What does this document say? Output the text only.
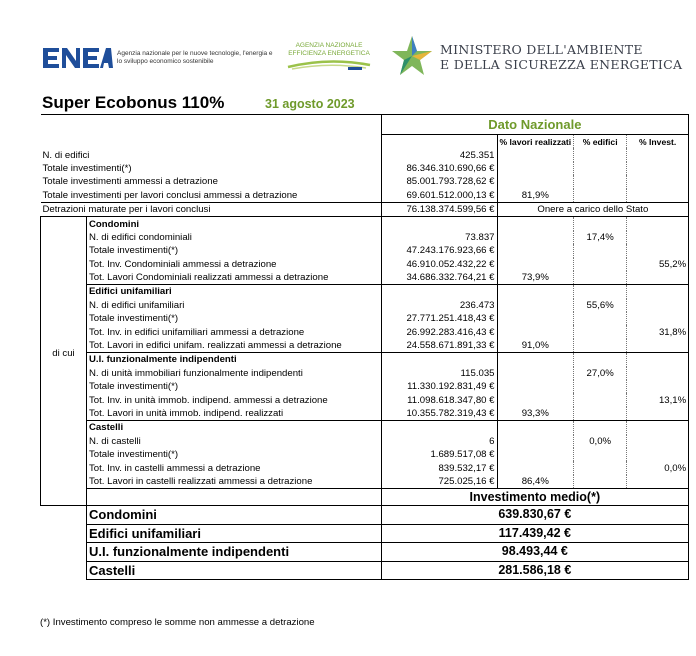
Agenzia nazionale per le nuove tecnologie, l'energia e lo sviluppo economico sostenibile
AGENZIA NAZIONALE
EFFICIENZA ENERGETICA	MINISTERO DELL'AMBIENTE
E DELLA SICUREZZA ENERGETICA
Super Ecobonus 110%	31 agosto 2023
		Dato Nazionale			
			% lavori realizzati	% edifici	% Invest.
N. di edifici		425.351			
Totale investimenti(*)		86.346.310.690,66 €			
Totale investimenti ammessi a detrazione		85.001.793.728,62 €			
Totale investimenti per lavori conclusi ammessi a detrazione		69.601.512.000,13 €	81,9%		
Detrazioni maturate per i lavori conclusi		76.138.374.599,56 €	Onere a carico dello Stato		
di cui	Condomini				
	N. di edifici condominiali	73.837		17,4%	
	Totale investimenti(*)	47.243.176.923,66 €			
	Tot. Inv. Condominiali ammessi a detrazione	46.910.052.432,22 €			55,2%
	Tot. Lavori Condominiali realizzati ammessi a detrazione	34.686.332.764,21 €	73,9%		
	Edifici unifamiliari				
	N. di edifici unifamiliari	236.473		55,6%	
	Totale investimenti(*)	27.771.251.418,43 €			
	Tot. Inv. in edifici unifamiliari ammessi a detrazione	26.992.283.416,43 €			31,8%
	Tot. Lavori in edifici unifam. realizzati ammessi a detrazione	24.558.671.891,33 €	91,0%		
	U.I. funzionalmente indipendenti				
	N. di unità immobiliari funzionalmente indipendenti	115.035		27,0%	
	Totale investimenti(*)	11.330.192.831,49 €			
	Tot. Inv. in unità immob. indipend. ammessi a detrazione	11.098.618.347,80 €			13,1%
	Tot. Lavori in unità immob. indipend. realizzati	10.355.782.319,43 €	93,3%		
	Castelli				
	N. di castelli	6		0,0%	
	Totale investimenti(*)	1.689.517,08 €			
	Tot. Inv. in castelli ammessi a detrazione	839.532,17 €			0,0%
	Tot. Lavori in castelli realizzati ammessi a detrazione	725.025,16 €	86,4%		
		Investimento medio(*)			
	Condomini	639.830,67 €			
	Edifici unifamiliari	117.439,42 €			
	U.I. funzionalmente indipendenti	98.493,44 €			
	Castelli	281.586,18 €			
(*) Investimento compreso le somme non ammesse a detrazione
